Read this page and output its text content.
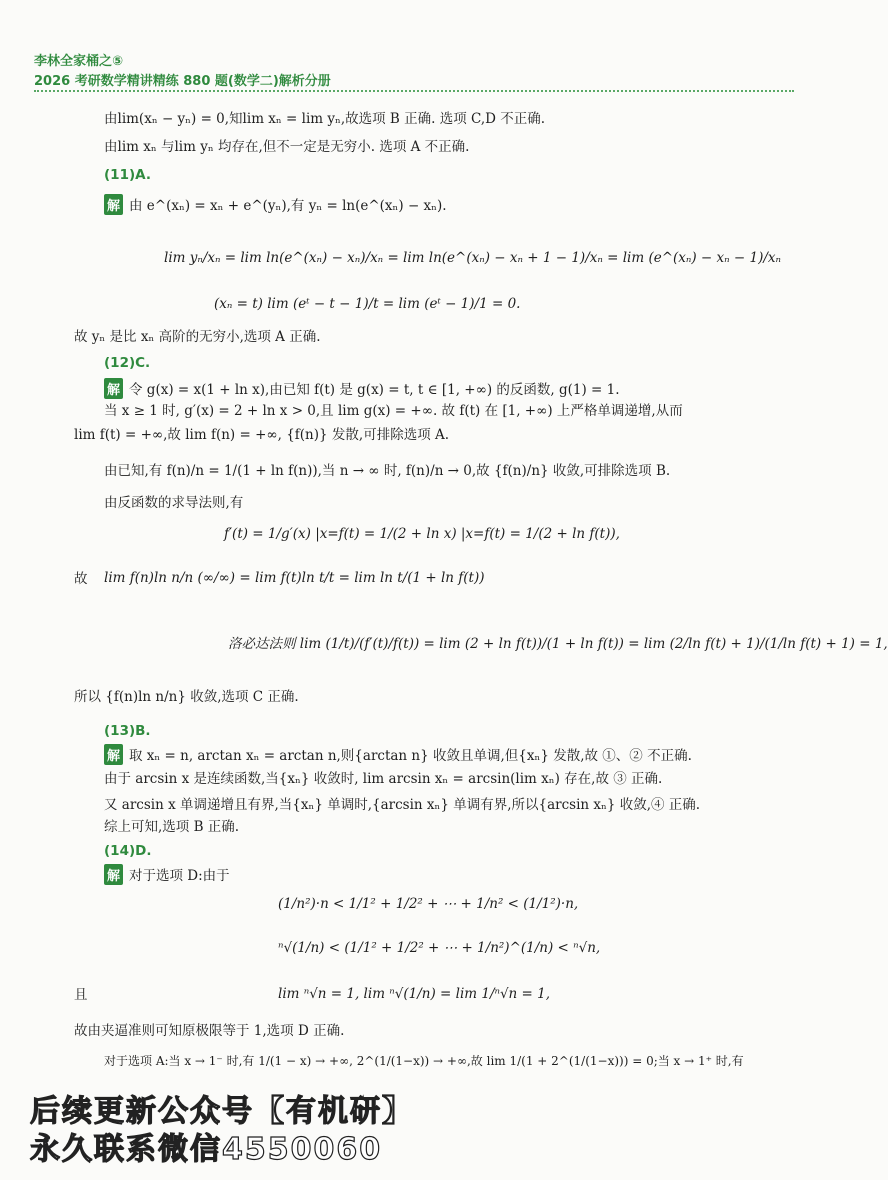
李林全家桶之⑤
2026 考研数学精讲精练 880 题(数学二)解析分册
由lim(xₙ − yₙ) = 0,知lim xₙ = lim yₙ,故选项 B 正确. 选项 C,D 不正确.
由lim xₙ 与lim yₙ 均存在,但不一定是无穷小. 选项 A 不正确.
(11)A.
解 由 e^(xₙ) = xₙ + e^(yₙ),有 yₙ = ln(e^(xₙ) − xₙ).
lim yₙ/xₙ = lim ln(e^(xₙ) − xₙ)/xₙ = lim ln(e^(xₙ) − xₙ + 1 − 1)/xₙ = lim (e^(xₙ) − xₙ − 1)/xₙ
(xₙ = t) lim (eᵗ − t − 1)/t = lim (eᵗ − 1)/1 = 0.
故 yₙ 是比 xₙ 高阶的无穷小,选项 A 正确.
(12)C.
解 令 g(x) = x(1 + ln x),由已知 f(t) 是 g(x) = t, t ∈ [1, +∞) 的反函数, g(1) = 1.
当 x ≥ 1 时, g′(x) = 2 + ln x > 0,且 lim g(x) = +∞. 故 f(t) 在 [1, +∞) 上严格单调递增,从而
lim f(t) = +∞,故 lim f(n) = +∞, {f(n)} 发散,可排除选项 A.
由已知,有 f(n)/n = 1/(1 + ln f(n)),当 n → ∞ 时, f(n)/n → 0,故 {f(n)/n} 收敛,可排除选项 B.
由反函数的求导法则,有
f′(t) = 1/g′(x) |x=f(t) = 1/(2 + ln x) |x=f(t) = 1/(2 + ln f(t)),
故 lim f(n)ln n/n (∞/∞) = lim f(t)ln t/t = lim ln t/(1 + ln f(t))
洛必达法则 lim (1/t)/(f′(t)/f(t)) = lim (2 + ln f(t))/(1 + ln f(t)) = lim (2/ln f(t) + 1)/(1/ln f(t) + 1) = 1,
所以 {f(n)ln n/n} 收敛,选项 C 正确.
(13)B.
解 取 xₙ = n, arctan xₙ = arctan n,则{arctan n} 收敛且单调,但{xₙ} 发散,故 ①、② 不正确.
由于 arcsin x 是连续函数,当{xₙ} 收敛时, lim arcsin xₙ = arcsin(lim xₙ) 存在,故 ③ 正确.
又 arcsin x 单调递增且有界,当{xₙ} 单调时,{arcsin xₙ} 单调有界,所以{arcsin xₙ} 收敛,④ 正确.
综上可知,选项 B 正确.
(14)D.
解 对于选项 D:由于
(1/n²)·n < 1/1² + 1/2² + ⋯ + 1/n² < (1/1²)·n,
ⁿ√(1/n) < (1/1² + 1/2² + ⋯ + 1/n²)^(1/n) < ⁿ√n,
且	lim ⁿ√n = 1, lim ⁿ√(1/n) = lim 1/ⁿ√n = 1,
故由夹逼准则可知原极限等于 1,选项 D 正确.
对于选项 A:当 x → 1⁻ 时,有 1/(1 − x) → +∞, 2^(1/(1−x)) → +∞,故 lim 1/(1 + 2^(1/(1−x))) = 0;当 x → 1⁺ 时,有
后续更新公众号【有机研】
永久联系微信4550060
